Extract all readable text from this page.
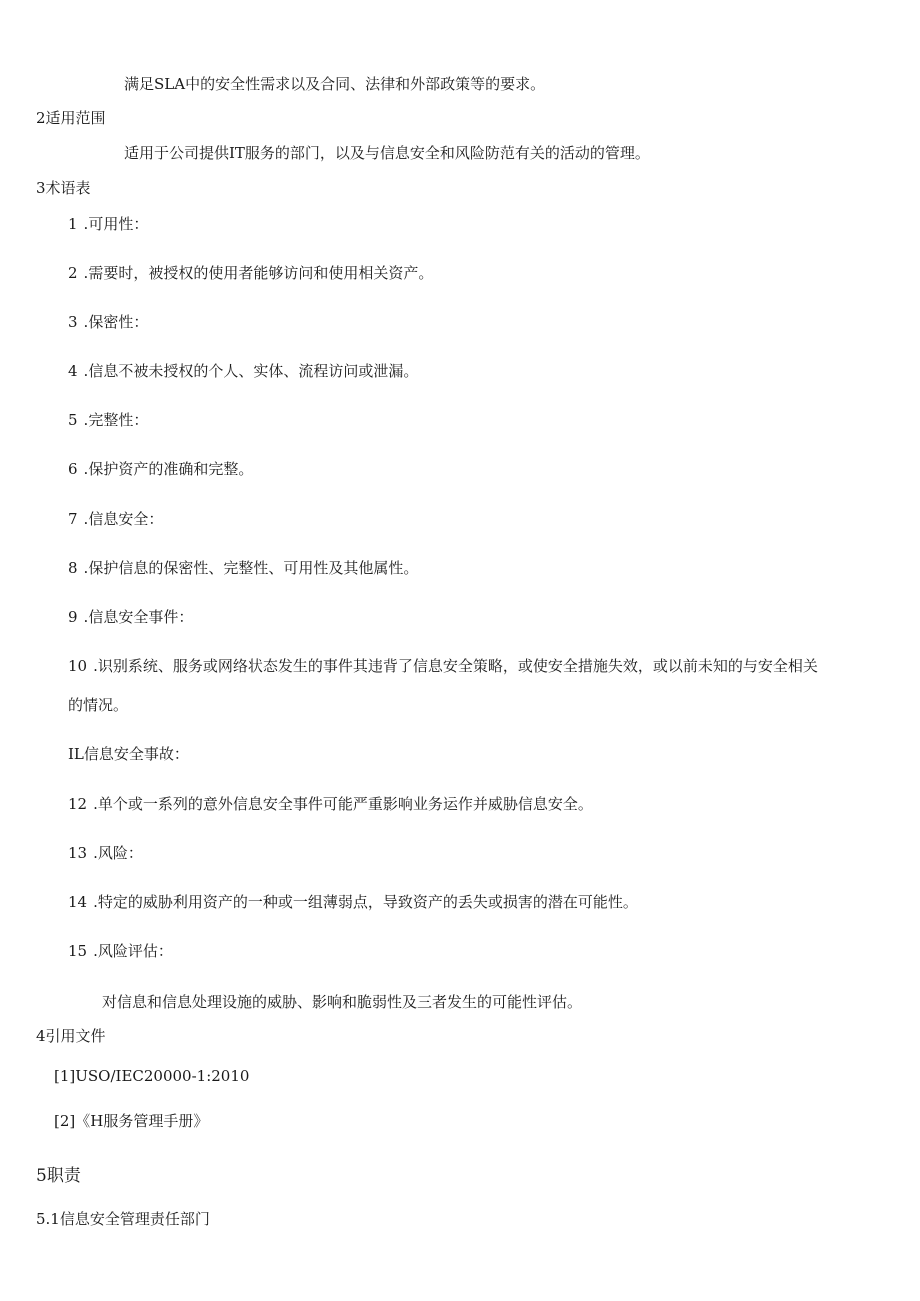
满足SLA中的安全性需求以及合同、法律和外部政策等的要求。
2适用范围
适用于公司提供IT服务的部门，以及与信息安全和风险防范有关的活动的管理。
3术语表
1 .可用性：
2 .需要时，被授权的使用者能够访问和使用相关资产。
3 .保密性：
4 .信息不被未授权的个人、实体、流程访问或泄漏。
5 .完整性：
6 .保护资产的准确和完整。
7 .信息安全：
8 .保护信息的保密性、完整性、可用性及其他属性。
9 .信息安全事件：
10 .识别系统、服务或网络状态发生的事件其违背了信息安全策略，或使安全措施失效，或以前未知的与安全相关
的情况。
IL信息安全事故：
12 .单个或一系列的意外信息安全事件可能严重影响业务运作并威胁信息安全。
13 .风险：
14 .特定的威胁利用资产的一种或一组薄弱点，导致资产的丢失或损害的潜在可能性。
15 .风险评估：
对信息和信息处理设施的威胁、影响和脆弱性及三者发生的可能性评估。
4引用文件
[1]USO/IEC20000-1:2010
[2]《H服务管理手册》
5职责
5.1信息安全管理责任部门
